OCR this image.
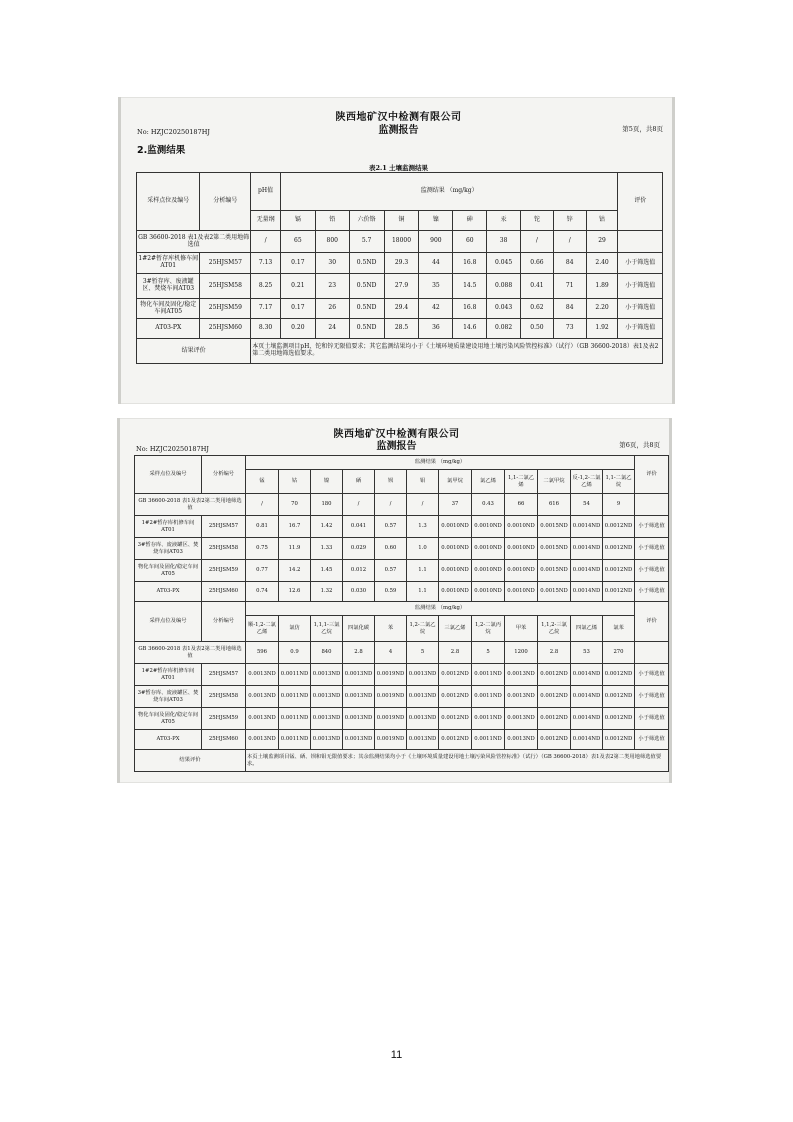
陕西地矿汉中检测有限公司
监测报告
No: HZJC20250187HJ	第5页，共8页
2.监测结果
表2.1 土壤监测结果
采样点位及编号	分析编号	pH值	监测结果 （mg/kg）										评价
		无量纲	镉	铅	六价铬	铜	镍	砷	汞	铊	锌	钴	
GB 36600-2018 表1及表2第二类用地筛选值		/	65	800	5.7	18000	900	60	38	/	/	29	
1#2#暂存库机修车间AT01	25HJSM57	7.13	0.17	30	0.5ND	29.3	44	16.8	0.045	0.66	84	2.40	小于筛选值
3#暂存库、废液罐区、焚烧车间AT03	25HJSM58	8.25	0.21	23	0.5ND	27.9	35	14.5	0.088	0.41	71	1.89	小于筛选值
物化车间及固化/稳定车间AT05	25HJSM59	7.17	0.17	26	0.5ND	29.4	42	16.8	0.043	0.62	84	2.20	小于筛选值
AT03-PX	25HJSM60	8.30	0.20	24	0.5ND	28.5	36	14.6	0.082	0.50	73	1.92	小于筛选值
结果评价		本页土壤监测项目pH、铊和锌无限值要求；其它监测结果均小于《土壤环境质量建设用地土壤污染风险管控标准》（试行）（GB 36600-2018）表1及表2第二类用地筛选值要求。											
陕西地矿汉中检测有限公司
监测报告
No: HZJC20250187HJ	第6页，共8页
采样点位及编号	分析编号	监测结果 （mg/kg）												评价
		锰	钴	镍	硒	钡	钼	氯甲烷	氯乙烯	1,1-二氯乙烯	二氯甲烷	反-1,2-二氯乙烯	1,1-二氯乙烷	
GB 36600-2018 表1及表2第二类用地筛选值		/	70	180	/	/	/	37	0.43	66	616	54	9	
1#2#暂存库机修车间AT01	25HJSM57	0.81	16.7	1.42	0.041	0.57	1.3	0.0010ND	0.0010ND	0.0010ND	0.0015ND	0.0014ND	0.0012ND	小于筛选值
3#暂存库、废液罐区、焚烧车间AT03	25HJSM58	0.75	11.9	1.33	0.029	0.60	1.0	0.0010ND	0.0010ND	0.0010ND	0.0015ND	0.0014ND	0.0012ND	小于筛选值
物化车间及固化/稳定车间AT05	25HJSM59	0.77	14.2	1.45	0.012	0.57	1.1	0.0010ND	0.0010ND	0.0010ND	0.0015ND	0.0014ND	0.0012ND	小于筛选值
AT03-PX	25HJSM60	0.74	12.6	1.32	0.030	0.59	1.1	0.0010ND	0.0010ND	0.0010ND	0.0015ND	0.0014ND	0.0012ND	小于筛选值
采样点位及编号	分析编号	监测结果 （mg/kg）												评价
		顺-1,2-二氯乙烯	氯仿	1,1,1-三氯乙烷	四氯化碳	苯	1,2-二氯乙烷	三氯乙烯	1,2-二氯丙烷	甲苯	1,1,2-三氯乙烷	四氯乙烯	氯苯	
GB 36600-2018 表1及表2第二类用地筛选值		596	0.9	840	2.8	4	5	2.8	5	1200	2.8	53	270	
1#2#暂存库机修车间AT01	25HJSM57	0.0013ND	0.0011ND	0.0013ND	0.0013ND	0.0019ND	0.0013ND	0.0012ND	0.0011ND	0.0013ND	0.0012ND	0.0014ND	0.0012ND	小于筛选值
3#暂存库、废液罐区、焚烧车间AT03	25HJSM58	0.0013ND	0.0011ND	0.0013ND	0.0013ND	0.0019ND	0.0013ND	0.0012ND	0.0011ND	0.0013ND	0.0012ND	0.0014ND	0.0012ND	小于筛选值
物化车间及固化/稳定车间AT05	25HJSM59	0.0013ND	0.0011ND	0.0013ND	0.0013ND	0.0019ND	0.0013ND	0.0012ND	0.0011ND	0.0013ND	0.0012ND	0.0014ND	0.0012ND	小于筛选值
AT03-PX	25HJSM60	0.0013ND	0.0011ND	0.0013ND	0.0013ND	0.0019ND	0.0013ND	0.0012ND	0.0011ND	0.0013ND	0.0012ND	0.0014ND	0.0012ND	小于筛选值
结果评价		本页土壤监测项目锰、硒、钡和钼无限值要求；其余监测结果均小于《土壤环境质量建设用地土壤污染风险管控标准》（试行）（GB 36600-2018）表1及表2第二类用地筛选值要求。												
11
